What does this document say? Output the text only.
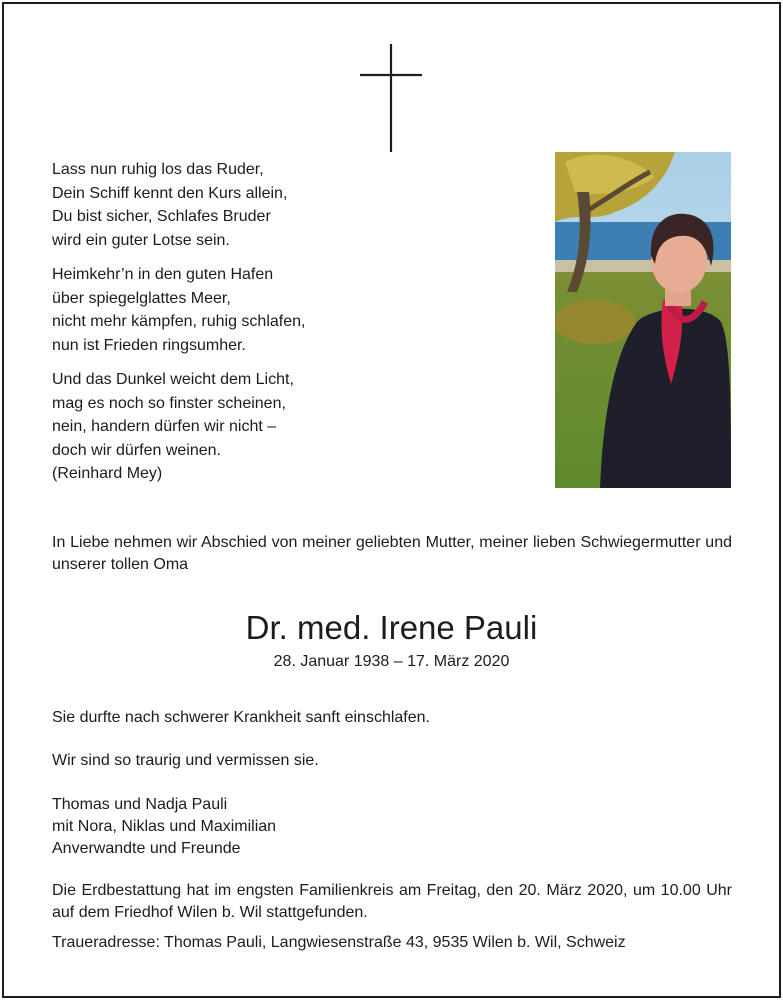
Lass nun ruhig los das Ruder,
Dein Schiff kennt den Kurs allein,
Du bist sicher, Schlafes Bruder
wird ein guter Lotse sein.
Heimkehr’n in den guten Hafen
über spiegelglattes Meer,
nicht mehr kämpfen, ruhig schlafen,
nun ist Frieden ringsumher.
Und das Dunkel weicht dem Licht,
mag es noch so finster scheinen,
nein, handern dürfen wir nicht –
doch wir dürfen weinen.
(Reinhard Mey)
In Liebe nehmen wir Abschied von meiner geliebten Mutter, meiner lieben Schwiegermutter und unserer tollen Oma
Dr. med. Irene Pauli
28. Januar 1938 – 17. März 2020
Sie durfte nach schwerer Krankheit sanft einschlafen.
Wir sind so traurig und vermissen sie.
Thomas und Nadja Pauli
mit Nora, Niklas und Maximilian
Anverwandte und Freunde
Die Erdbestattung hat im engsten Familienkreis am Freitag, den 20. März 2020, um 10.00 Uhr auf dem Friedhof Wilen b. Wil stattgefunden.
Traueradresse: Thomas Pauli, Langwiesenstraße 43, 9535 Wilen b. Wil, Schweiz
